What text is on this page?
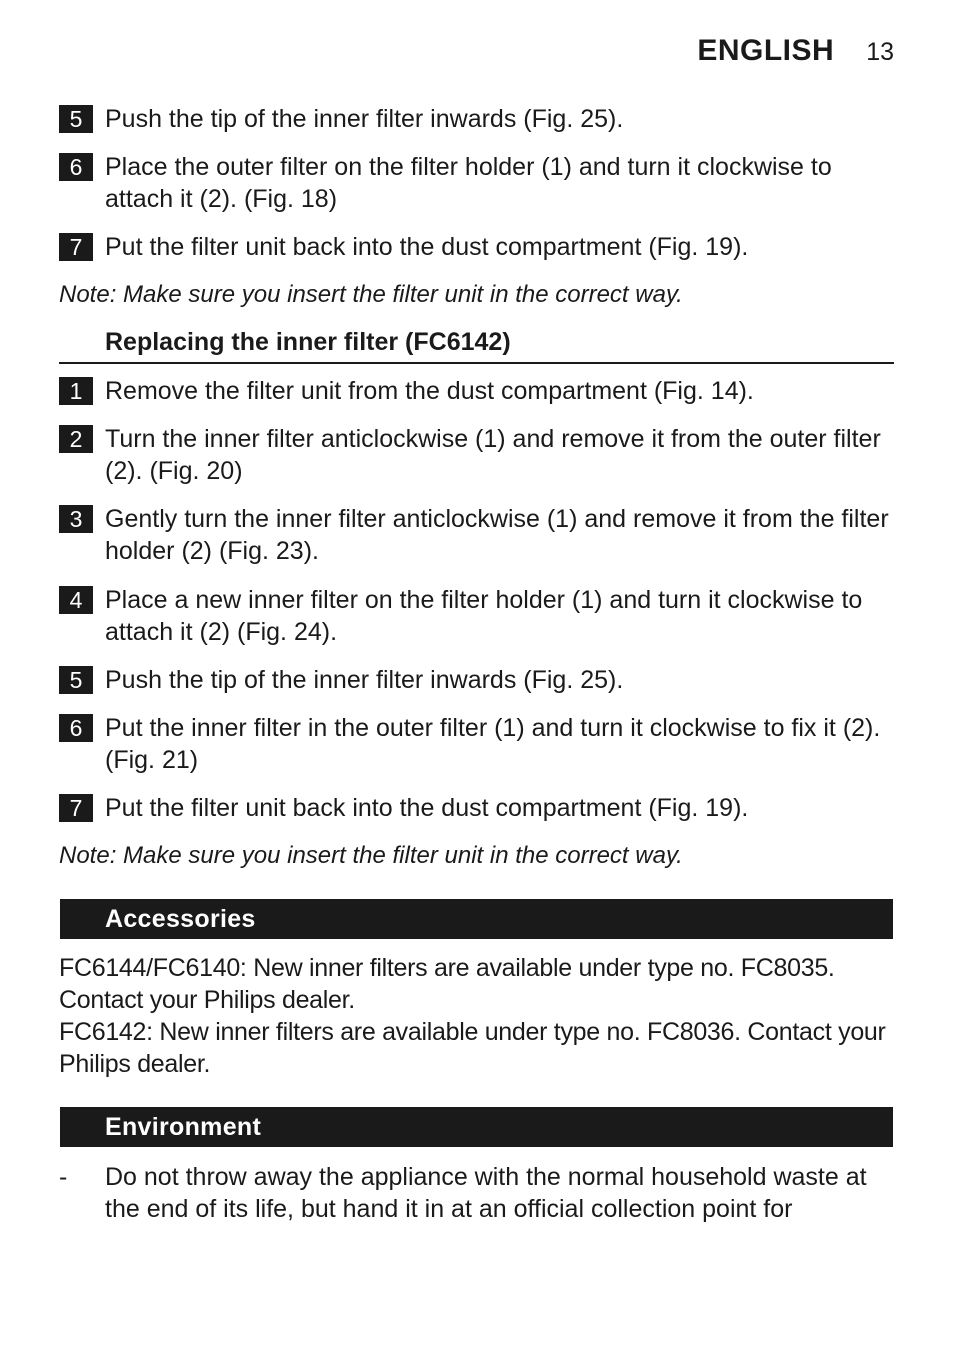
ENGLISH 13
5 Push the tip of the inner filter inwards (Fig. 25).
6 Place the outer filter on the filter holder (1) and turn it clockwise to attach it (2). (Fig. 18)
7 Put the filter unit back into the dust compartment (Fig. 19).
Note: Make sure you insert the filter unit in the correct way.
Replacing the inner filter (FC6142)
1 Remove the filter unit from the dust compartment (Fig. 14).
2 Turn the inner filter anticlockwise (1) and remove it from the outer filter (2). (Fig. 20)
3 Gently turn the inner filter anticlockwise (1) and remove it from the filter holder (2) (Fig. 23).
4 Place a new inner filter on the filter holder (1) and turn it clockwise to attach it (2) (Fig. 24).
5 Push the tip of the inner filter inwards (Fig. 25).
6 Put the inner filter in the outer filter (1) and turn it clockwise to fix it (2). (Fig. 21)
7 Put the filter unit back into the dust compartment (Fig. 19).
Note: Make sure you insert the filter unit in the correct way.
Accessories
FC6144/FC6140: New inner filters are available under type no. FC8035. Contact your Philips dealer.
FC6142: New inner filters are available under type no. FC8036. Contact your Philips dealer.
Environment
-	Do not throw away the appliance with the normal household waste at the end of its life, but hand it in at an official collection point for
